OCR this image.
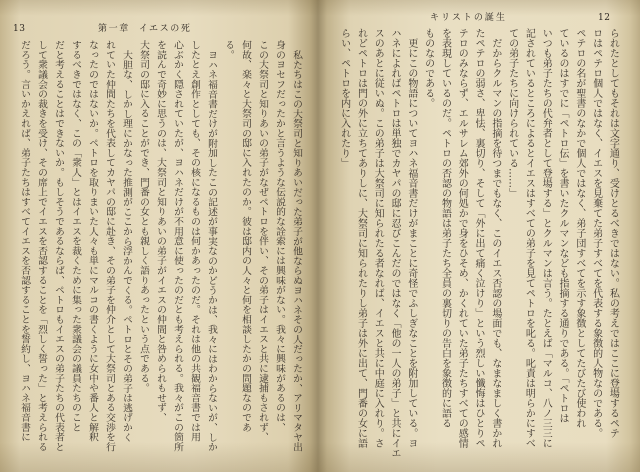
13	第一章 イエスの死
私たちはこの大祭司と知りあいだった弟子が他ならぬヨハネその人だったか、アリマタヤ出
身のヨセフだったかと言うような伝説的な詮索には興味がない。我々に興味があるのは、
この大祭司と知りあいの弟子がなぜペトロを伴い、その弟子はイエスと共に逮捕もされず、
何故、楽々と大祭司の邸に入れたのか。彼は邸内の人々と何を相談したかの問題なのであ
る。
ヨハネ福音書だけが附加したこの記述が事実なのかどうかは、我々にはわからないが、しか
したとえ創作としても、その核になるものは何かあったのだ。それは他の共観福音書では用
心ぶかく隠されていたが、ヨハネだけが不用意に使ったのだとも考えられる。我々がこの箇所
を読んで奇妙に思うのは、大祭司と知りあいの弟子がイエスの仲間と咎められもせず、
大祭司の邸に入ることができ、門番の女とも親しく語りあったという点である。
大胆な、しかし理にかなった推測がここから浮かんでくる。ペトロとその弟子は逃げかく
れていた仲間たちを代表してカヤパの邸に赴き、その弟子を仲介として大祭司とある交渉を行
なったのではないか。ペトロを取りまいた人々も単にマルコの書くように女中や番人と解釈
するべきではなく、この「衆人」とはイエスを裁くために集った衆議会の議員たちのこと
だと考えることはできないか。もしそうであるならば、ペトロもイエスの弟子たちの代表者と
して衆議会の裁きを受け、その席上でイエスを否認することを「烈しく誓った」と考えられる
だろう。言いかえれば、弟子たちはすべてイエスを否認することを誓約し、ヨハネ福音書に
キリストの誕生	12
られたとしてもそれは文字通り、受けとるべきではない。私の考えではここに登場するペテ
ロはペテロ個人ではなく、イエスを見棄てた弟子すべてを代表する象徴的人物なのである。
ペテロの名が聖書のなかで個人ではなく、弟子団すべてを示す象徴としてたびたび使われ
ているのはすでに「ペトロ伝」を書いたクルマンなども指摘する通りである。「ペトロは
いつも弟子たちの代弁者として登場する」とクルマンは言う。たとえば「マルコ、八ノ三三に
記されているところによるとイエスはすべての弟子を見てペトロを叱る。叱責は明らかにすべ
ての弟子たちに向けられている……」
だからクルマンの指摘を待つまでもなく、このイエス否認の場面でも、なまなましく書かれ
たペテロの弱さ、卑怯、裏切り、そして「外に出て痛く泣けり」という烈しい懺悔はひとりペ
テロのみならず、エルサレム郊外の何処かで身をひそめ、かくれていた弟子たちすべての感情
を表現しているのだ。ペトロの否認の物語は弟子たち全員の裏切りの告白を象徴的に語る
ものなのである。
更にこの物語についてヨハネ福音書だけがまことに奇怪でふしぎなことを附加している。ヨ
ハネによればペトロは単独でカヤパの邸に忍びこんだのではなく「他の一人の弟子」と共にイエ
スのあとに従いぬ。この弟子は大祭司に知られたる者なれば、イエスと共に中庭に入れり。さ
れどペトロは門の外に立ちてありしに、大祭司に知られたりし弟子は外に出て、門番の女に語
らい、ペトロを内に入れたり」
